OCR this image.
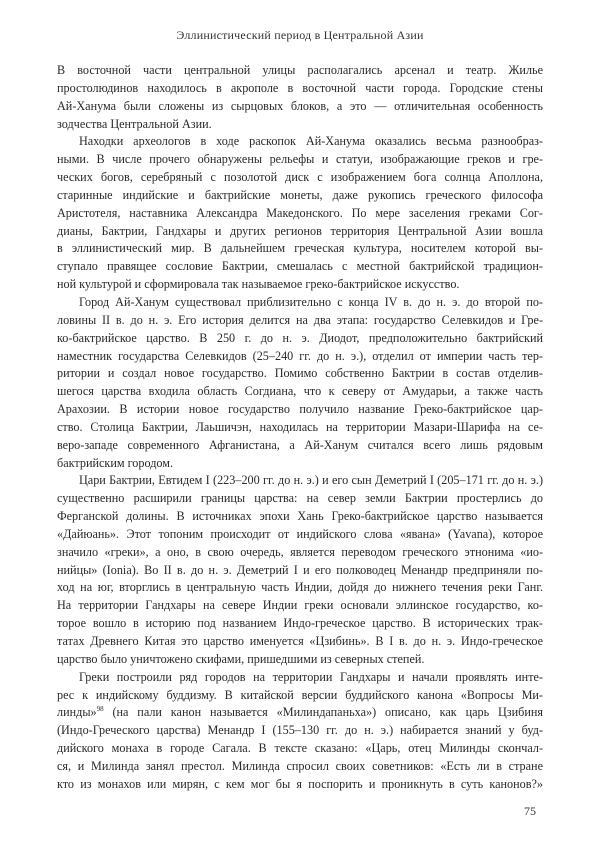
Эллинистический период в Центральной Азии
В восточной части центральной улицы располагались арсенал и театр. Жилье
простолюдинов находилось в акрополе в восточной части города. Городские стены
Ай-Ханума были сложены из сырцовых блоков, а это — отличительная особенность
зодчества Центральной Азии.
Находки археологов в ходе раскопок Ай-Ханума оказались весьма разнообраз-
ными. В числе прочего обнаружены рельефы и статуи, изображающие греков и гре-
ческих богов, серебряный с позолотой диск с изображением бога солнца Аполлона,
старинные индийские и бактрийские монеты, даже рукопись греческого философа
Аристотеля, наставника Александра Македонского. По мере заселения греками Сог-
дианы, Бактрии, Гандхары и других регионов территория Центральной Азии вошла
в эллинистический мир. В дальнейшем греческая культура, носителем которой вы-
ступало правящее сословие Бактрии, смешалась с местной бактрийской традицион-
ной культурой и сформировала так называемое греко-бактрийское искусство.
Город Ай-Ханум существовал приблизительно с конца IV в. до н. э. до второй по-
ловины II в. до н. э. Его история делится на два этапа: государство Селевкидов и Гре-
ко-бактрийское царство. В 250 г. до н. э. Диодот, предположительно бактрийский
наместник государства Селевкидов (25–240 гг. до н. э.), отделил от империи часть тер-
ритории и создал новое государство. Помимо собственно Бактрии в состав отделив-
шегося царства входила область Согдиана, что к северу от Амударьи, а также часть
Арахозии. В истории новое государство получило название Греко-бактрийское цар-
ство. Столица Бактрии, Лаьшичэн, находилась на территории Мазари-Шарифа на се-
веро-западе современного Афганистана, а Ай-Ханум считался всего лишь рядовым
бактрийским городом.
Цари Бактрии, Евтидем I (223–200 гг. до н. э.) и его сын Деметрий I (205–171 гг. до н. э.)
существенно расширили границы царства: на север земли Бактрии простерлись до
Ферганской долины. В источниках эпохи Хань Греко-бактрийское царство называется
«Дайюань». Этот топоним происходит от индийского слова «явана» (Yavana), которое
значило «греки», а оно, в свою очередь, является переводом греческого этнонима «ио-
нийцы» (Ionia). Во II в. до н. э. Деметрий I и его полководец Менандр предприняли по-
ход на юг, вторглись в центральную часть Индии, дойдя до нижнего течения реки Ганг.
На территории Гандхары на севере Индии греки основали эллинское государство, ко-
торое вошло в историю под названием Индо-греческое царство. В исторических трак-
татах Древнего Китая это царство именуется «Цзибинь». В I в. до н. э. Индо-греческое
царство было уничтожено скифами, пришедшими из северных степей.
Греки построили ряд городов на территории Гандхары и начали проявлять инте-
рес к индийскому буддизму. В китайской версии буддийского канона «Вопросы Ми-
линды»$^{98}$ (на пали канон называется «Милиндапаньха») описано, как царь Цзибиня
(Индо-Греческого царства) Менандр I (155–130 гг. до н. э.) набирается знаний у буд-
дийского монаха в городе Сагала. В тексте сказано: «Царь, отец Милинды скончал-
ся, и Милинда занял престол. Милинда спросил своих советников: «Есть ли в стране
кто из монахов или мирян, с кем мог бы я поспорить и проникнуть в суть канонов?»
75
